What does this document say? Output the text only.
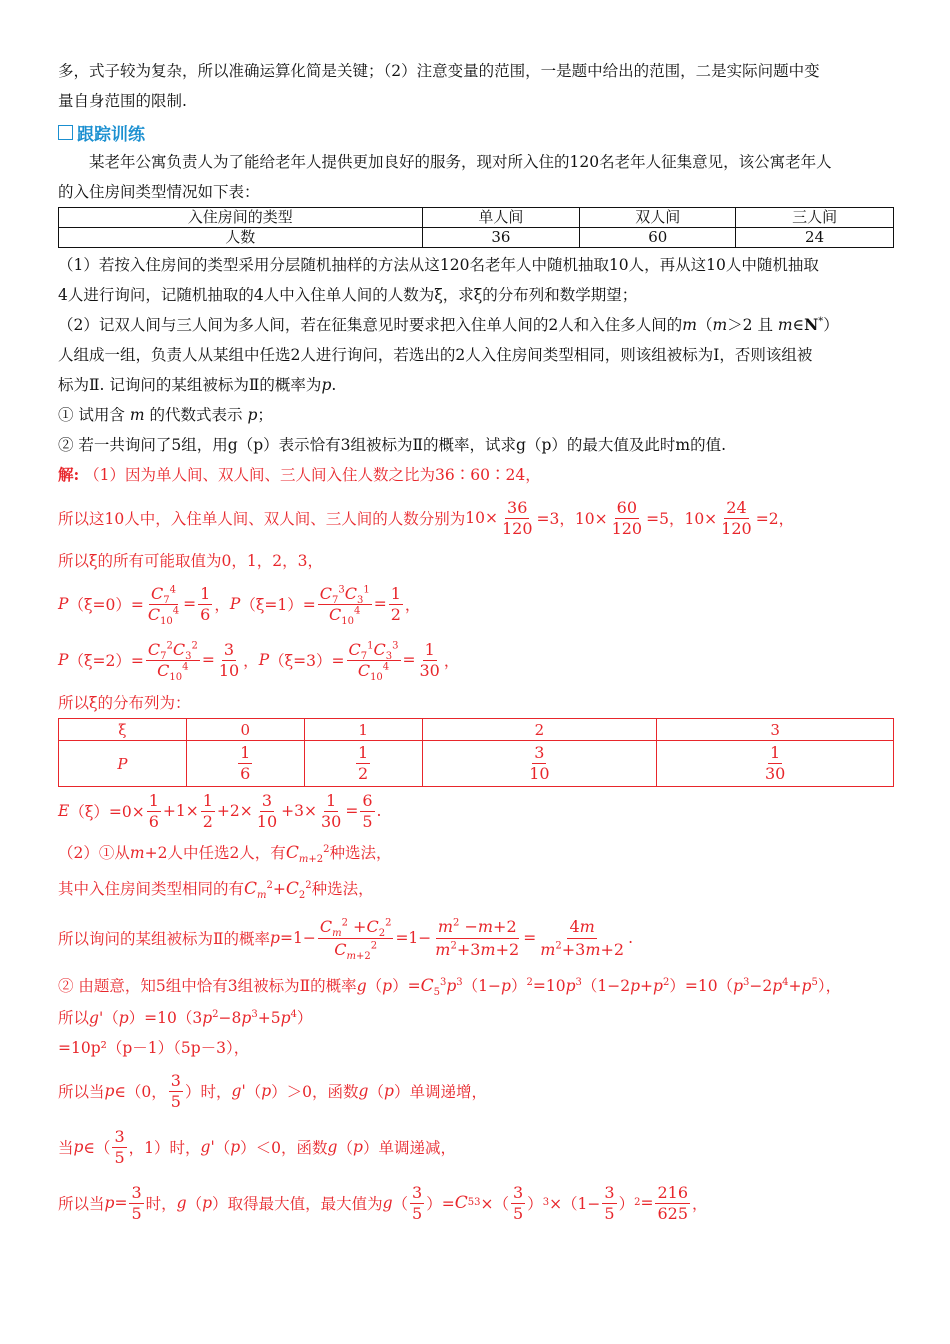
多，式子较为复杂，所以准确运算化简是关键；（2）注意变量的范围，一是题中给出的范围，二是实际问题中变
量自身范围的限制.
跟踪训练
某老年公寓负责人为了能给老年人提供更加良好的服务，现对所入住的120名老年人征集意见，该公寓老年人
的入住房间类型情况如下表：
入住房间的类型	单人间	双人间	三人间
人数	36	60	24
（1）若按入住房间的类型采用分层随机抽样的方法从这120名老年人中随机抽取10人，再从这10人中随机抽取
4人进行询问，记随机抽取的4人中入住单人间的人数为ξ，求ξ的分布列和数学期望；
（2）记双人间与三人间为多人间，若在征集意见时要求把入住单人间的2人和入住多人间的m（m＞2 且 m∈N*）
人组成一组，负责人从某组中任选2人进行询问，若选出的2人入住房间类型相同，则该组被标为Ⅰ，否则该组被
标为Ⅱ. 记询问的某组被标为Ⅱ的概率为p.
① 试用含 m 的代数式表示 p；
② 若一共询问了5组，用g（p）表示恰有3组被标为Ⅱ的概率，试求g（p）的最大值及此时m的值.
解: （1）因为单人间、双人间、三人间入住人数之比为36∶60∶24，
所以这10人中，入住单人间、双人间、三人间的人数分别为 $10\times \frac{36}{120} =3$，$10\times \frac{60}{120} =5$，$10\times \frac{24}{120} =2$，
所以ξ的所有可能取值为0，1，2，3，
P $(\xi=0)= \frac{C_7^4}{C_{10}^4} = \frac{1}{6}$ ， P $(\xi=1)= \frac{C_7^3C_3^1}{C_{10}^4} = \frac{1}{2}$ ，
P $(\xi=2)= \frac{C_7^2C_3^2}{C_{10}^4} = \frac{3}{10}$ ， P $(\xi=3)= \frac{C_7^1C_3^3}{C_{10}^4} = \frac{1}{30}$ ，
所以ξ的分布列为：
ξ	0	1	2	3
P	$\frac{1}{6}$	$\frac{1}{2}$	$\frac{3}{10}$	$\frac{1}{30}$
E $(\xi)=0\times \frac{1}{6} +1\times \frac{1}{2} +2\times \frac{3}{10} +3\times \frac{1}{30} = \frac{6}{5}$ .
（2）①从m+2人中任选2人，有$C_{m+2}^2$种选法，
其中入住房间类型相同的有$C_m^2+C_2^2$种选法，
所以询问的某组被标为Ⅱ的概率 $p =1- \frac{C_m^2 +C_2^2}{C_{m+2}^2} =1- \frac{m^2 -m+2}{m^2+3m+2} = \frac{4m}{m^2+3m+2}$ .
② 由题意，知5组中恰有3组被标为Ⅱ的概率$g(p)=C_5^3p^3(1-p)^2=10p^3(1-2p+p^2)=10(p^3-2p^4+p^5)$，
所以$g'(p)=10(3p^2-8p^3+5p^4)$
=10p²（p－1）（5p－3），
所以当 p ∈（0， $\frac{3}{5}$ ） 时， g' （ p ）＞0， 函数 g （ p ） 单调递增，
当 p ∈（ $\frac{3}{5}$ ，1） 时， g' （ p ）＜0， 函数 g （ p ） 单调递减，
所以当 $p = \frac{3}{5}$ 时， g （ p ） 取得最大值，最大值为 g （ $\frac{3}{5}$ ）= C 5 3 ×（ $\frac{3}{5}$ ） $3 \times(1- \frac{3}{5}$ ） $2 = \frac{216}{625}$ ，
